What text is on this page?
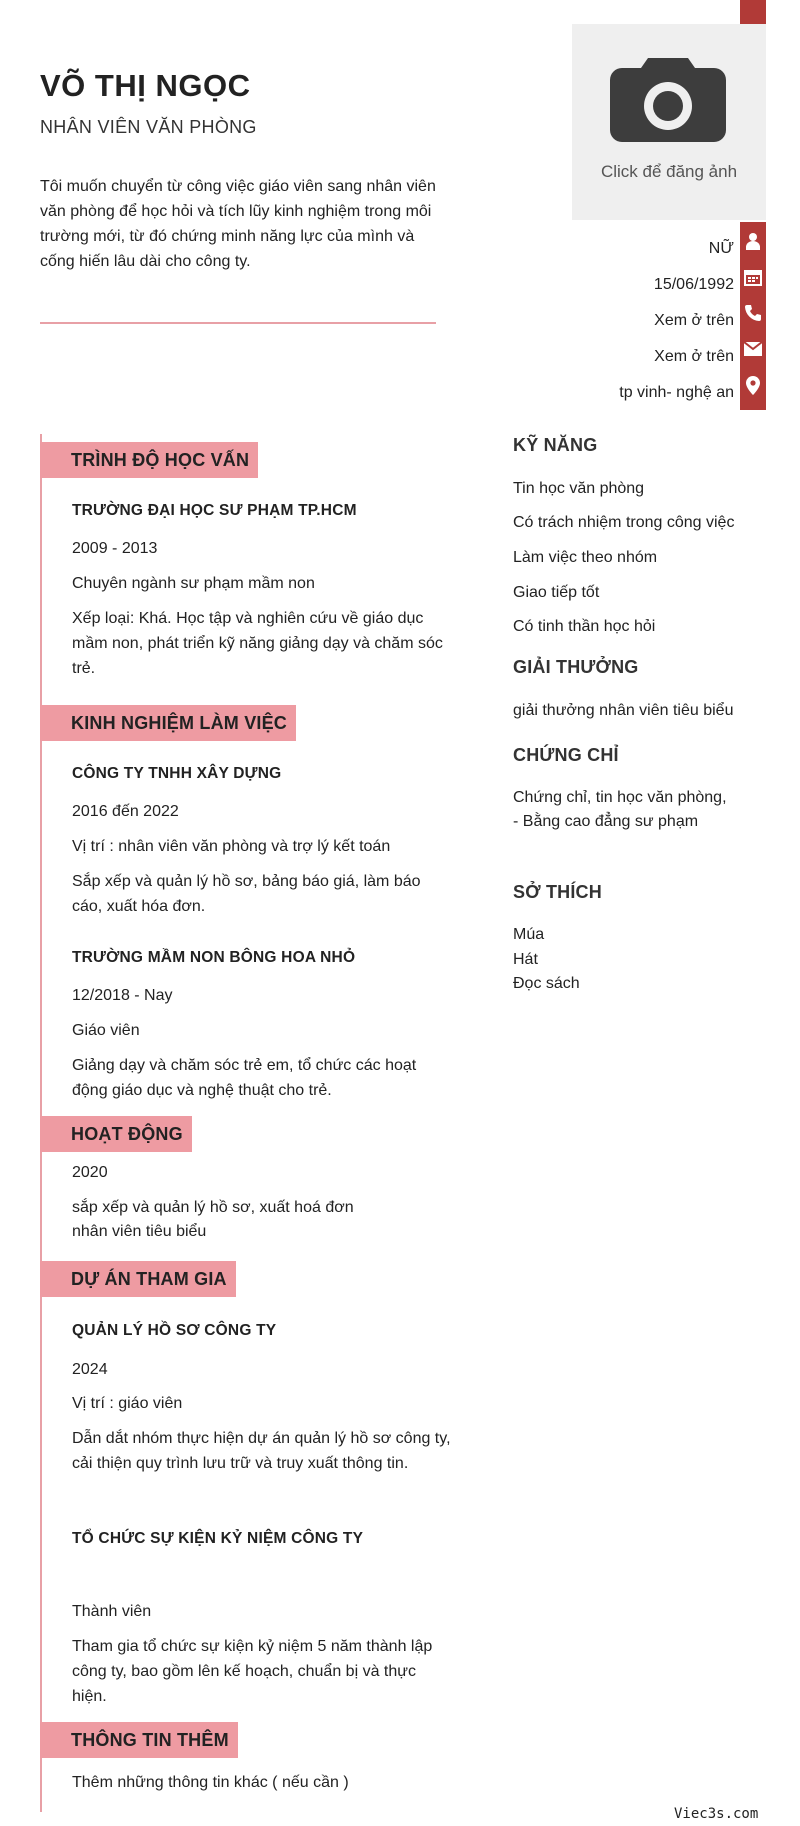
VÕ THỊ NGỌC
NHÂN VIÊN VĂN PHÒNG
Tôi muốn chuyển từ công việc giáo viên sang nhân viên văn phòng để học hỏi và tích lũy kinh nghiệm trong môi trường mới, từ đó chứng minh năng lực của mình và cống hiến lâu dài cho công ty.
Click để đăng ảnh
NỮ
15/06/1992
Xem ở trên
Xem ở trên
tp vinh- nghệ an
TRÌNH ĐỘ HỌC VẤN
TRƯỜNG ĐẠI HỌC SƯ PHẠM TP.HCM
2009 - 2013
Chuyên ngành sư phạm mầm non
Xếp loại: Khá. Học tập và nghiên cứu về giáo dục mầm non, phát triển kỹ năng giảng dạy và chăm sóc trẻ.
KINH NGHIỆM LÀM VIỆC
CÔNG TY TNHH XÂY DỰNG
2016 đến 2022
Vị trí : nhân viên văn phòng và trợ lý kết toán
Sắp xếp và quản lý hồ sơ, bảng báo giá, làm báo cáo, xuất hóa đơn.
TRƯỜNG MẦM NON BÔNG HOA NHỎ
12/2018 - Nay
Giáo viên
Giảng dạy và chăm sóc trẻ em, tổ chức các hoạt động giáo dục và nghệ thuật cho trẻ.
HOẠT ĐỘNG
2020
sắp xếp và quản lý hồ sơ, xuất hoá đơn
nhân viên tiêu biểu
DỰ ÁN THAM GIA
QUẢN LÝ HỒ SƠ CÔNG TY
2024
Vị trí : giáo viên
Dẫn dắt nhóm thực hiện dự án quản lý hồ sơ công ty, cải thiện quy trình lưu trữ và truy xuất thông tin.
TỔ CHỨC SỰ KIỆN KỶ NIỆM CÔNG TY
Thành viên
Tham gia tổ chức sự kiện kỷ niệm 5 năm thành lập công ty, bao gồm lên kế hoạch, chuẩn bị và thực hiện.
THÔNG TIN THÊM
Thêm những thông tin khác ( nếu cần )
KỸ NĂNG
Tin học văn phòng
Có trách nhiệm trong công việc
Làm việc theo nhóm
Giao tiếp tốt
Có tinh thần học hỏi
GIẢI THƯỞNG
giải thưởng nhân viên tiêu biểu
CHỨNG CHỈ
Chứng chỉ, tin học văn phòng,
- Bằng cao đẳng sư phạm
SỞ THÍCH
Múa
Hát
Đọc sách
Viec3s.com
